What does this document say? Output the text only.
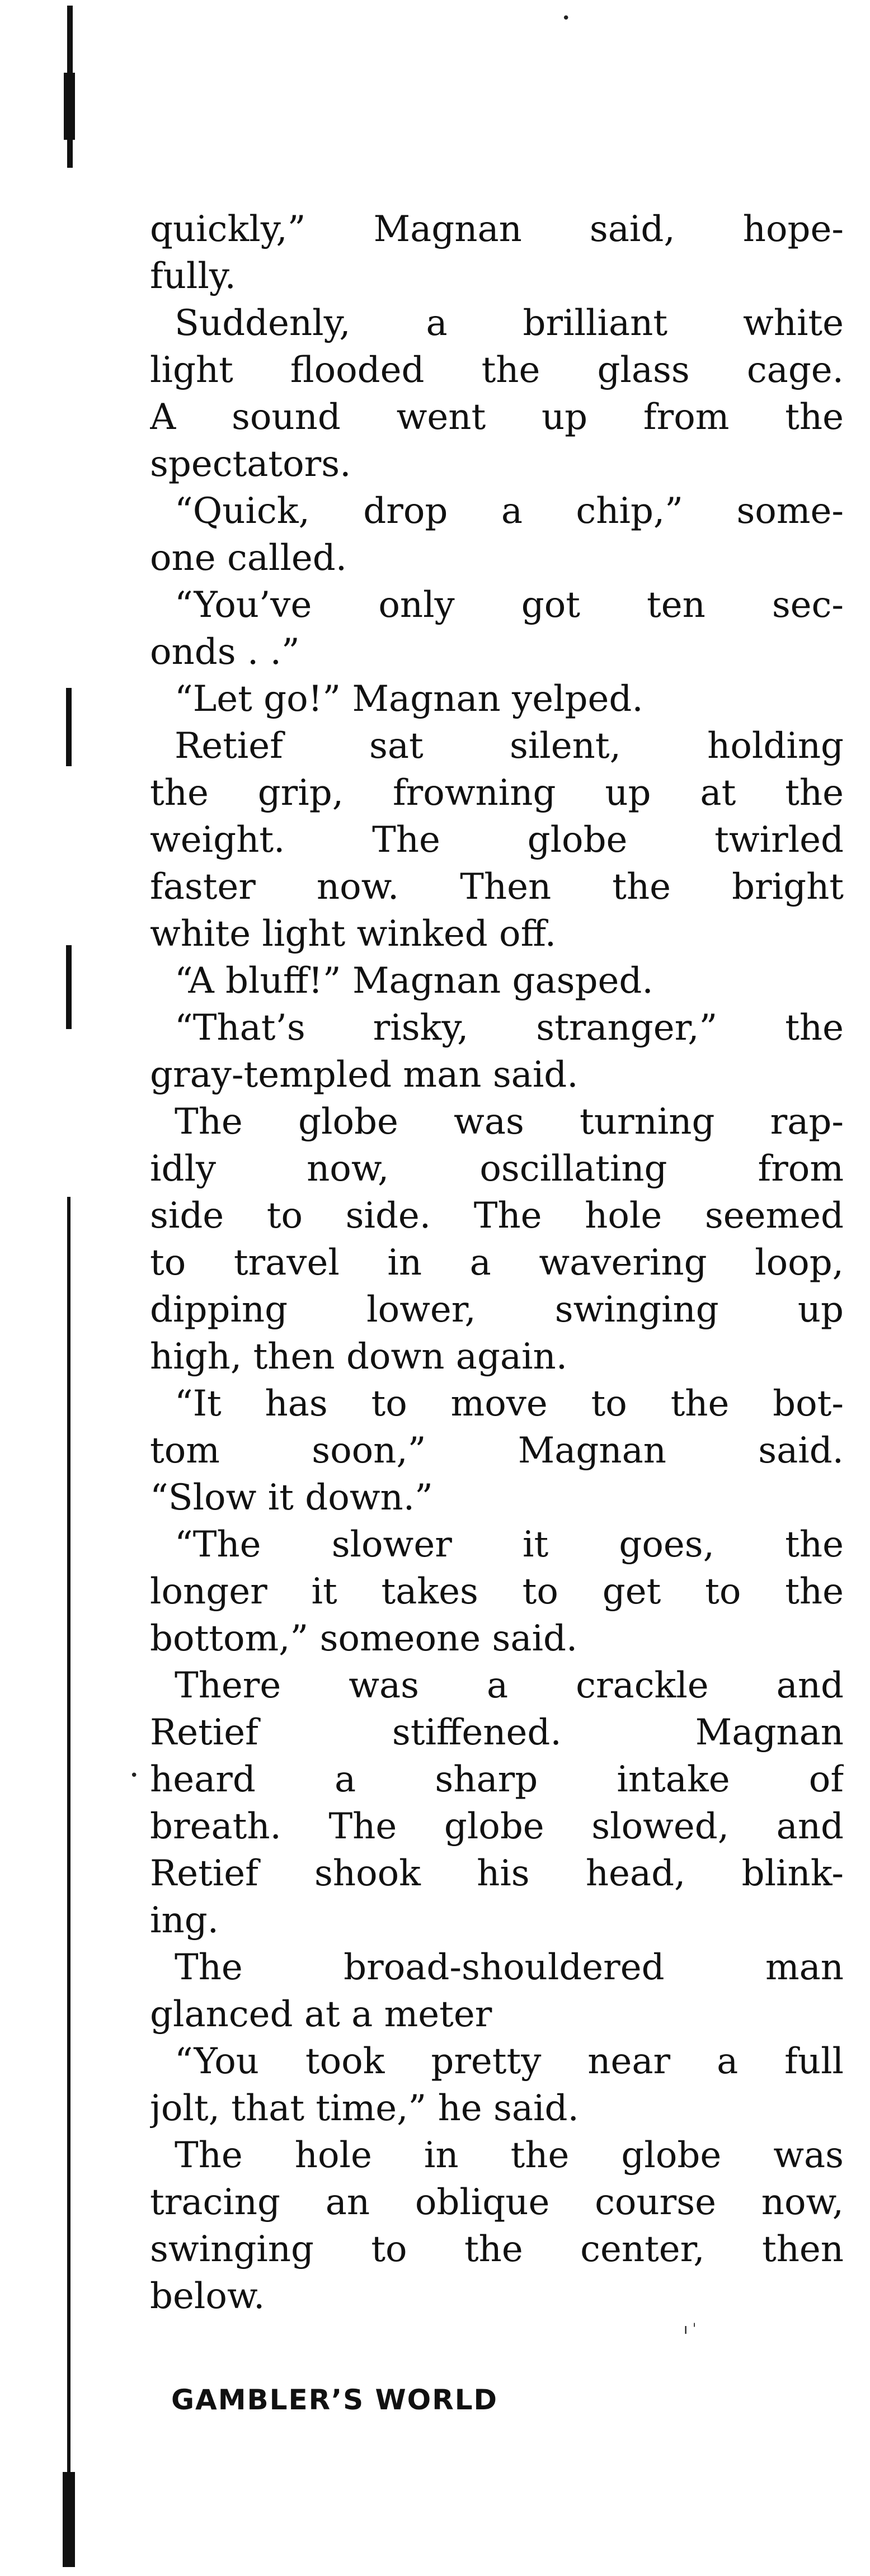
•
•
ı ˈ
quickly,” Magnan said, hope-
fully.
Suddenly, a brilliant white
light flooded the glass cage.
A sound went up from the
spectators.
“Quick, drop a chip,” some-
one called.
“You’ve only got ten sec-
onds . .”
“Let go!” Magnan yelped.
Retief sat silent, holding
the grip, frowning up at the
weight. The globe twirled
faster now. Then the bright
white light winked off.
“A bluff!” Magnan gasped.
“That’s risky, stranger,” the
gray-templed man said.
The globe was turning rap-
idly now, oscillating from
side to side. The hole seemed
to travel in a wavering loop,
dipping lower, swinging up
high, then down again.
“It has to move to the bot-
tom soon,” Magnan said.
“Slow it down.”
“The slower it goes, the
longer it takes to get to the
bottom,” someone said.
There was a crackle and
Retief stiffened. Magnan
heard a sharp intake of
breath. The globe slowed, and
Retief shook his head, blink-
ing.
The broad-shouldered man
glanced at a meter
“You took pretty near a full
jolt, that time,” he said.
The hole in the globe was
tracing an oblique course now,
swinging to the center, then
below.
GAMBLER’S WORLD
